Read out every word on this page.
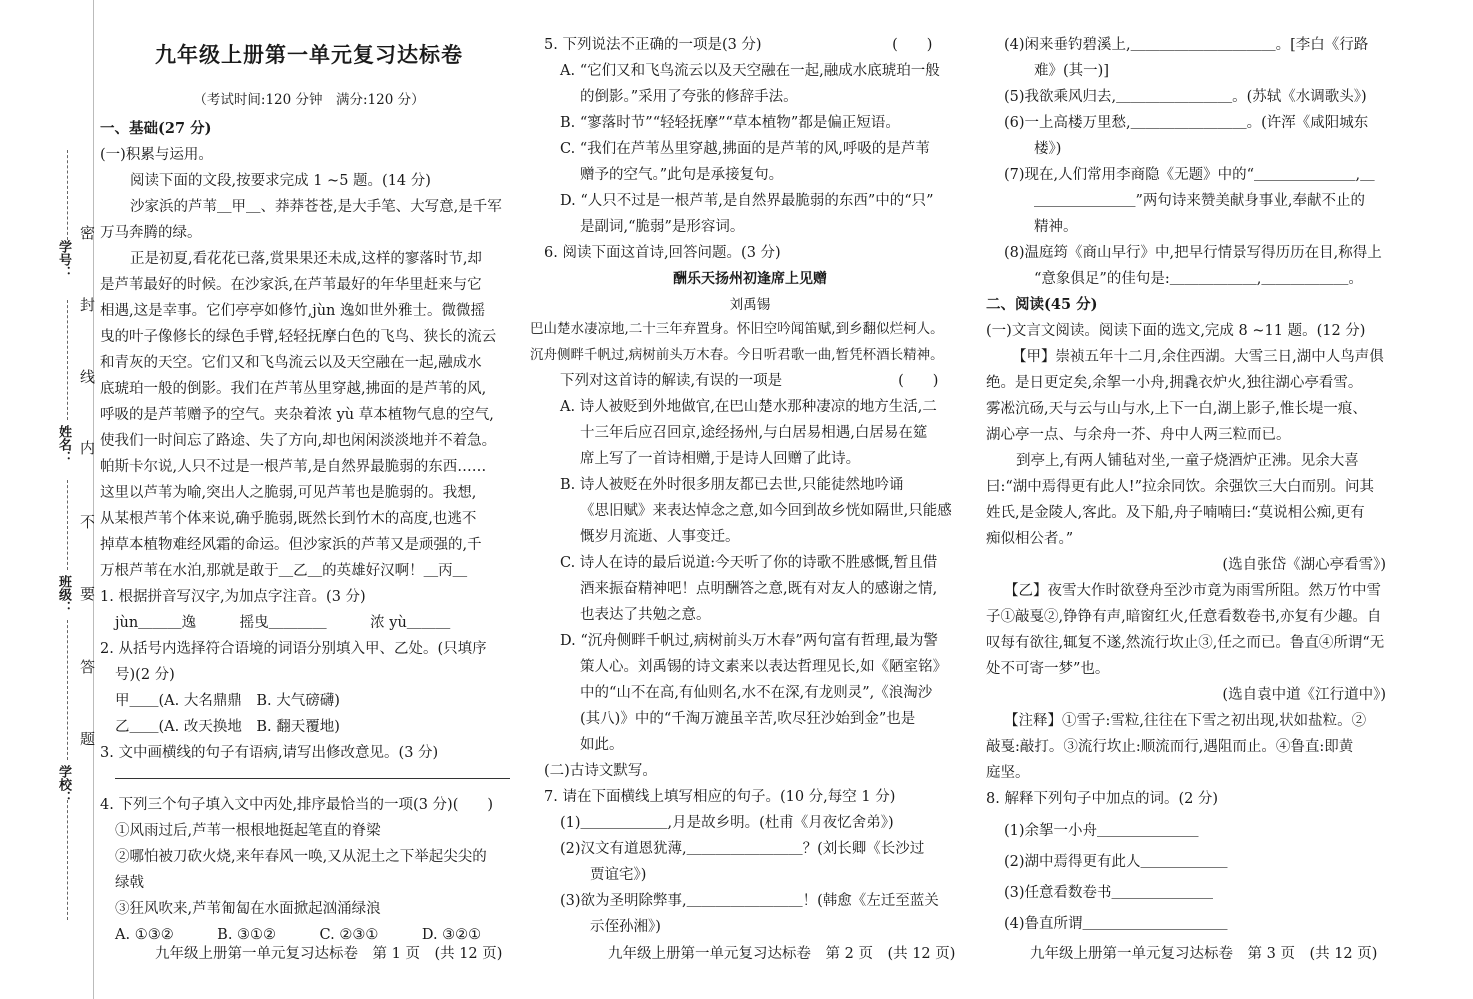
学号：
姓名：
班级：
学校：
密
封
线
内
不
要
答
题
九年级上册第一单元复习达标卷
（考试时间:120 分钟　满分:120 分）
一、基础(27 分)
(一)积累与运用。
阅读下面的文段,按要求完成 1 ~5 题。(14 分)
沙家浜的芦苇＿甲＿、莽莽苍苍,是大手笔、大写意,是千军
万马奔腾的绿。
正是初夏,看花花已落,赏果果还未成,这样的寥落时节,却
是芦苇最好的时候。在沙家浜,在芦苇最好的年华里赶来与它
相遇,这是幸事。它们亭亭如修竹,jùn 逸如世外雅士。微微摇
曳的叶子像修长的绿色手臂,轻轻抚摩白色的飞鸟、狭长的流云
和青灰的天空。它们又和飞鸟流云以及天空融在一起,融成水
底琥珀一般的倒影。我们在芦苇丛里穿越,拂面的是芦苇的风,
呼吸的是芦苇赠予的空气。夹杂着浓 yù 草本植物气息的空气,
使我们一时间忘了路途、失了方向,却也闲闲淡淡地并不着急。
帕斯卡尔说,人只不过是一根芦苇,是自然界最脆弱的东西……
这里以芦苇为喻,突出人之脆弱,可见芦苇也是脆弱的。我想,
从某根芦苇个体来说,确乎脆弱,既然长到竹木的高度,也逃不
掉草本植物难经风霜的命运。但沙家浜的芦苇又是顽强的,千
万根芦苇在水泊,那就是敢于＿乙＿的英雄好汉啊！＿丙＿
1. 根据拼音写汉字,为加点字注音。(3 分)
jùn＿＿＿逸　　　摇曳＿＿＿＿　　　浓 yù＿＿＿
2. 从括号内选择符合语境的词语分别填入甲、乙处。(只填序
号)(2 分)
甲＿＿(A. 大名鼎鼎　B. 大气磅礴)
乙＿＿(A. 改天换地　B. 翻天覆地)
3. 文中画横线的句子有语病,请写出修改意见。(3 分)
4. 下列三个句子填入文中丙处,排序最恰当的一项(3 分)(　　)
①风雨过后,芦苇一根根地挺起笔直的脊梁
②哪怕被刀砍火烧,来年春风一唤,又从泥土之下举起尖尖的
绿戟
③狂风吹来,芦苇匍匐在水面掀起汹涌绿浪
A. ①③②　　　B. ③①②　　　C. ②③①　　　D. ③②①
九年级上册第一单元复习达标卷　第 1 页　(共 12 页)
5. 下列说法不正确的一项是(3 分)　　　　　　　　　(　　)
A. “它们又和飞鸟流云以及天空融在一起,融成水底琥珀一般
的倒影。”采用了夸张的修辞手法。
B. “寥落时节”“轻轻抚摩”“草本植物”都是偏正短语。
C. “我们在芦苇丛里穿越,拂面的是芦苇的风,呼吸的是芦苇
赠予的空气。”此句是承接复句。
D. “人只不过是一根芦苇,是自然界最脆弱的东西”中的“只”
是副词,“脆弱”是形容词。
6. 阅读下面这首诗,回答问题。(3 分)
酬乐天扬州初逢席上见赠
刘禹锡
巴山楚水凄凉地,二十三年弃置身。怀旧空吟闻笛赋,到乡翻似烂柯人。
沉舟侧畔千帆过,病树前头万木春。今日听君歌一曲,暂凭杯酒长精神。
下列对这首诗的解读,有误的一项是　　　　　　　　(　　)
A. 诗人被贬到外地做官,在巴山楚水那种凄凉的地方生活,二
十三年后应召回京,途经扬州,与白居易相遇,白居易在筵
席上写了一首诗相赠,于是诗人回赠了此诗。
B. 诗人被贬在外时很多朋友都已去世,只能徒然地吟诵
《思旧赋》来表达悼念之意,如今回到故乡恍如隔世,只能感
慨岁月流逝、人事变迁。
C. 诗人在诗的最后说道:今天听了你的诗歌不胜感慨,暂且借
酒来振奋精神吧！点明酬答之意,既有对友人的感谢之情,
也表达了共勉之意。
D. “沉舟侧畔千帆过,病树前头万木春”两句富有哲理,最为警
策人心。刘禹锡的诗文素来以表达哲理见长,如《陋室铭》
中的“山不在高,有仙则名,水不在深,有龙则灵”,《浪淘沙
(其八)》中的“千淘万漉虽辛苦,吹尽狂沙始到金”也是
如此。
(二)古诗文默写。
7. 请在下面横线上填写相应的句子。(10 分,每空 1 分)
(1)＿＿＿＿＿＿,月是故乡明。(杜甫《月夜忆舍弟》)
(2)汉文有道恩犹薄,＿＿＿＿＿＿＿＿？(刘长卿《长沙过
贾谊宅》)
(3)欲为圣明除弊事,＿＿＿＿＿＿＿＿！(韩愈《左迁至蓝关
示侄孙湘》)
九年级上册第一单元复习达标卷　第 2 页　(共 12 页)
(4)闲来垂钓碧溪上,＿＿＿＿＿＿＿＿＿＿。[李白《行路
难》(其一)]
(5)我欲乘风归去,＿＿＿＿＿＿＿＿。(苏轼《水调歌头》)
(6)一上高楼万里愁,＿＿＿＿＿＿＿＿。(许浑《咸阳城东
楼》)
(7)现在,人们常用李商隐《无题》中的“＿＿＿＿＿＿＿,＿
＿＿＿＿＿＿＿”两句诗来赞美献身事业,奉献不止的
精神。
(8)温庭筠《商山早行》中,把早行情景写得历历在目,称得上
“意象俱足”的佳句是:＿＿＿＿＿＿,＿＿＿＿＿＿。
二、阅读(45 分)
(一)文言文阅读。阅读下面的选文,完成 8 ~11 题。(12 分)
【甲】崇祯五年十二月,余住西湖。大雪三日,湖中人鸟声俱
绝。是日更定矣,余挐一小舟,拥毳衣炉火,独往湖心亭看雪。
雾凇沆砀,天与云与山与水,上下一白,湖上影子,惟长堤一痕、
湖心亭一点、与余舟一芥、舟中人两三粒而已。
到亭上,有两人铺毡对坐,一童子烧酒炉正沸。见余大喜
曰:“湖中焉得更有此人!”拉余同饮。余强饮三大白而别。问其
姓氏,是金陵人,客此。及下船,舟子喃喃曰:“莫说相公痴,更有
痴似相公者。”
(选自张岱《湖心亭看雪》)
【乙】夜雪大作时欲登舟至沙市竟为雨雪所阻。然万竹中雪
子①敲戛②,铮铮有声,暗窗红火,任意看数卷书,亦复有少趣。自
叹每有欲往,辄复不遂,然流行坎止③,任之而已。鲁直④所谓“无
处不可寄一梦”也。
(选自袁中道《江行道中》)
【注释】①雪子:雪粒,往往在下雪之初出现,状如盐粒。②
敲戛:敲打。③流行坎止:顺流而行,遇阻而止。④鲁直:即黄
庭坚。
8. 解释下列句子中加点的词。(2 分)
(1)余挐一小舟＿＿＿＿＿＿＿
(2)湖中焉得更有此人＿＿＿＿＿＿
(3)任意看数卷书＿＿＿＿＿＿＿
(4)鲁直所谓＿＿＿＿＿＿＿＿＿＿
九年级上册第一单元复习达标卷　第 3 页　(共 12 页)
